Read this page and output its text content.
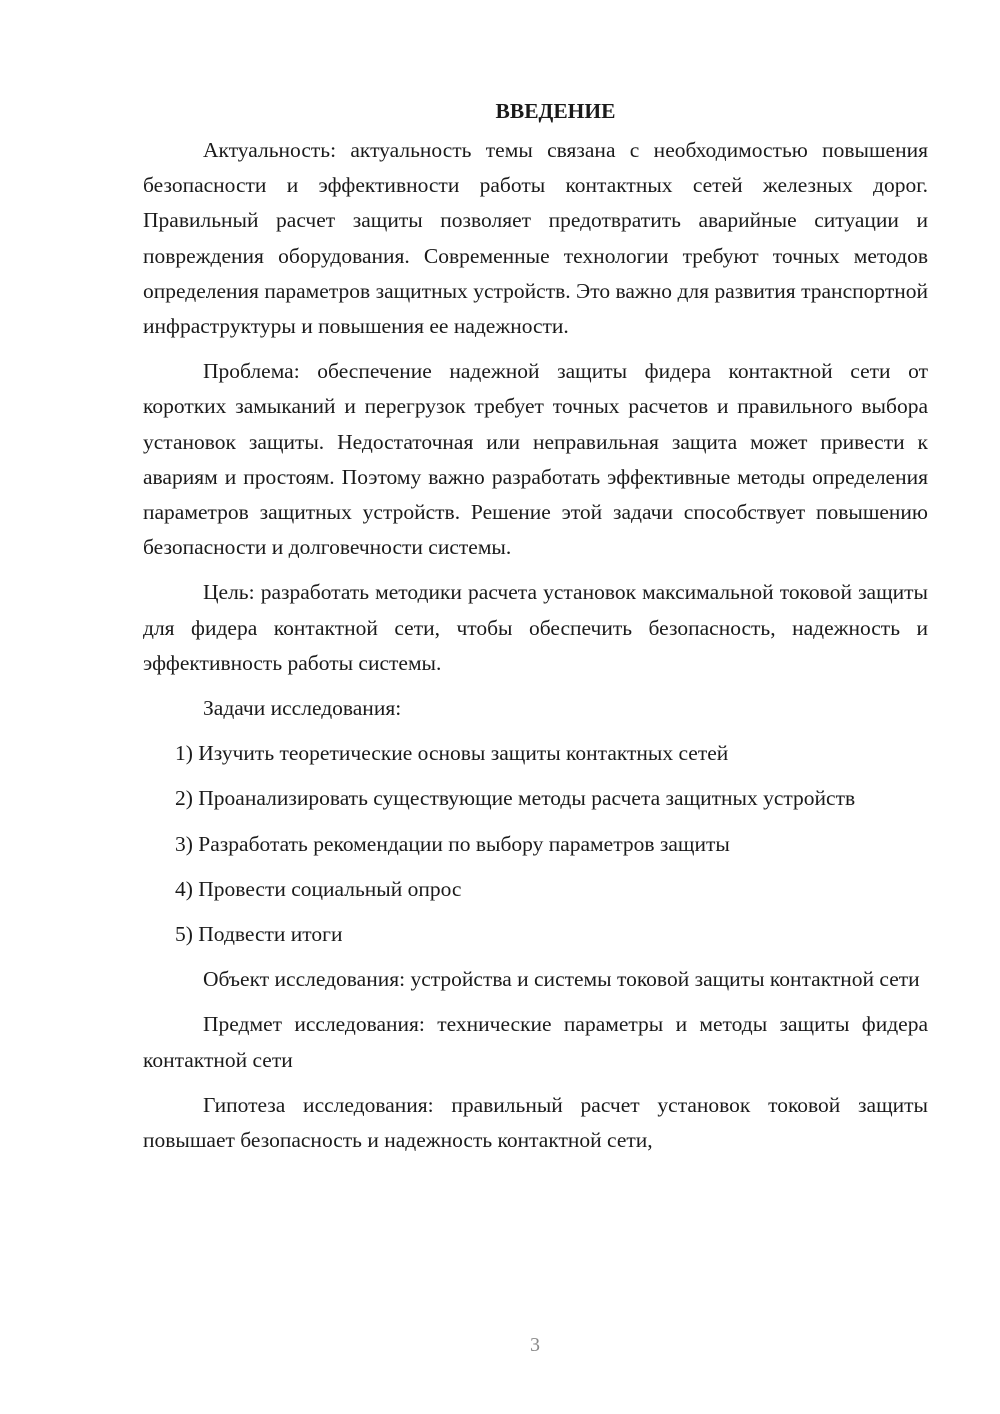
ВВЕДЕНИЕ

Актуальность: актуальность темы связана с необходимостью повышения безопасности и эффективности работы контактных сетей железных дорог. Правильный расчет защиты позволяет предотвратить аварийные ситуации и повреждения оборудования. Современные технологии требуют точных методов определения параметров защитных устройств. Это важно для развития транспортной инфраструктуры и повышения ее надежности.

Проблема: обеспечение надежной защиты фидера контактной сети от коротких замыканий и перегрузок требует точных расчетов и правильного выбора установок защиты. Недостаточная или неправильная защита может привести к авариям и простоям. Поэтому важно разработать эффективные методы определения параметров защитных устройств. Решение этой задачи способствует повышению безопасности и долговечности системы.

Цель: разработать методики расчета установок максимальной токовой защиты для фидера контактной сети, чтобы обеспечить безопасность, надежность и эффективность работы системы.

Задачи исследования:

1) Изучить теоретические основы защиты контактных сетей

2) Проанализировать существующие методы расчета защитных устройств

3) Разработать рекомендации по выбору параметров защиты

4) Провести социальный опрос

5) Подвести итоги

Объект исследования: устройства и системы токовой защиты контактной сети

Предмет исследования: технические параметры и методы защиты фидера контактной сети

Гипотеза исследования: правильный расчет установок токовой защиты повышает безопасность и надежность контактной сети,

3
